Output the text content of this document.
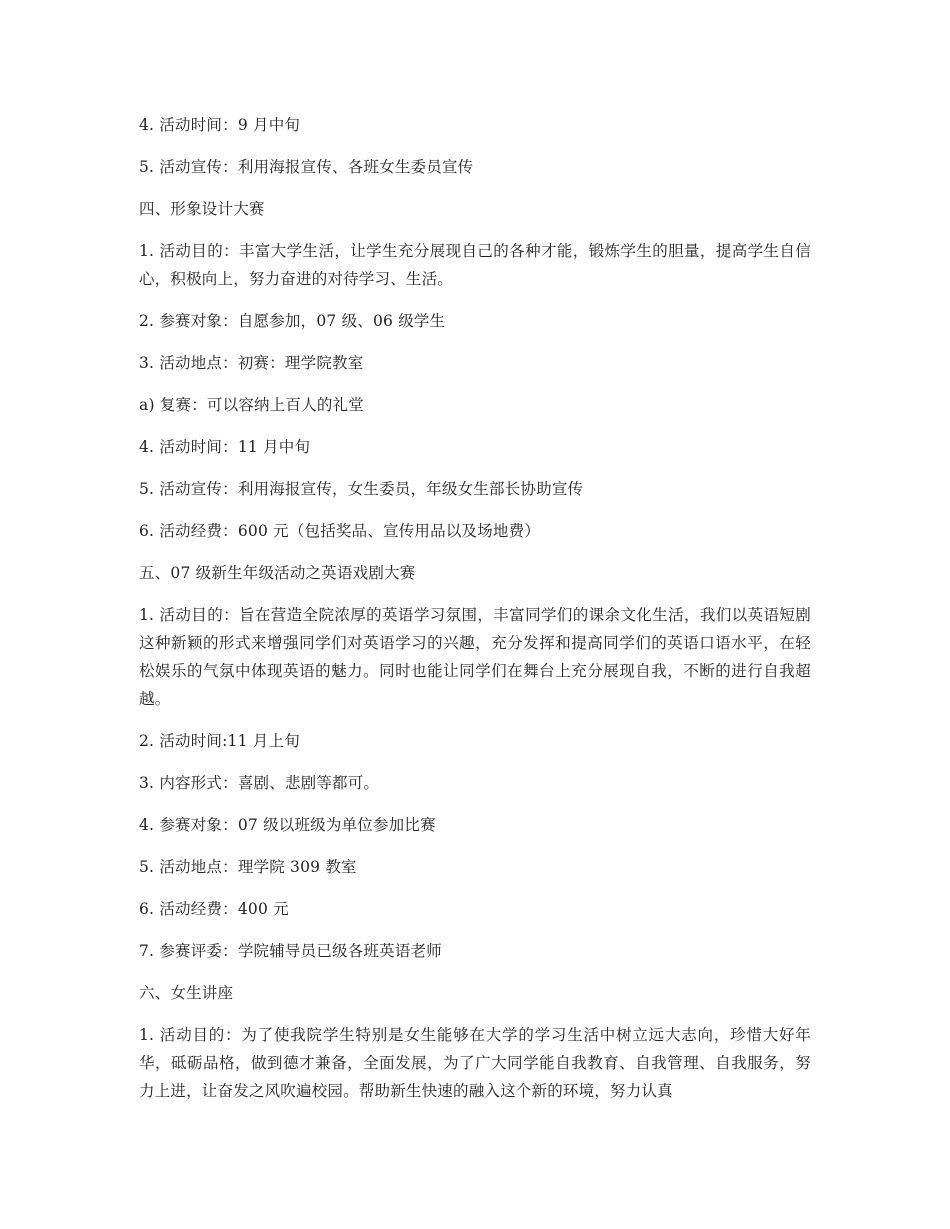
4. 活动时间：9 月中旬

5. 活动宣传：利用海报宣传、各班女生委员宣传

四、形象设计大赛

1. 活动目的：丰富大学生活，让学生充分展现自己的各种才能，锻炼学生的胆量，提高学生自信心，积极向上，努力奋进的对待学习、生活。

2. 参赛对象：自愿参加，07 级、06 级学生

3. 活动地点：初赛：理学院教室

a) 复赛：可以容纳上百人的礼堂

4. 活动时间：11 月中旬

5. 活动宣传：利用海报宣传，女生委员，年级女生部长协助宣传

6. 活动经费：600 元（包括奖品、宣传用品以及场地费）

五、07 级新生年级活动之英语戏剧大赛

1. 活动目的：旨在营造全院浓厚的英语学习氛围，丰富同学们的课余文化生活，我们以英语短剧这种新颖的形式来增强同学们对英语学习的兴趣，充分发挥和提高同学们的英语口语水平，在轻松娱乐的气氛中体现英语的魅力。同时也能让同学们在舞台上充分展现自我，不断的进行自我超越。

2. 活动时间:11 月上旬

3. 内容形式：喜剧、悲剧等都可。

4. 参赛对象：07 级以班级为单位参加比赛

5. 活动地点：理学院 309 教室

6. 活动经费：400 元

7. 参赛评委：学院辅导员已级各班英语老师

六、女生讲座

1. 活动目的：为了使我院学生特别是女生能够在大学的学习生活中树立远大志向，珍惜大好年华，砥砺品格，做到德才兼备，全面发展，为了广大同学能自我教育、自我管理、自我服务，努力上进，让奋发之风吹遍校园。帮助新生快速的融入这个新的环境，努力认真
